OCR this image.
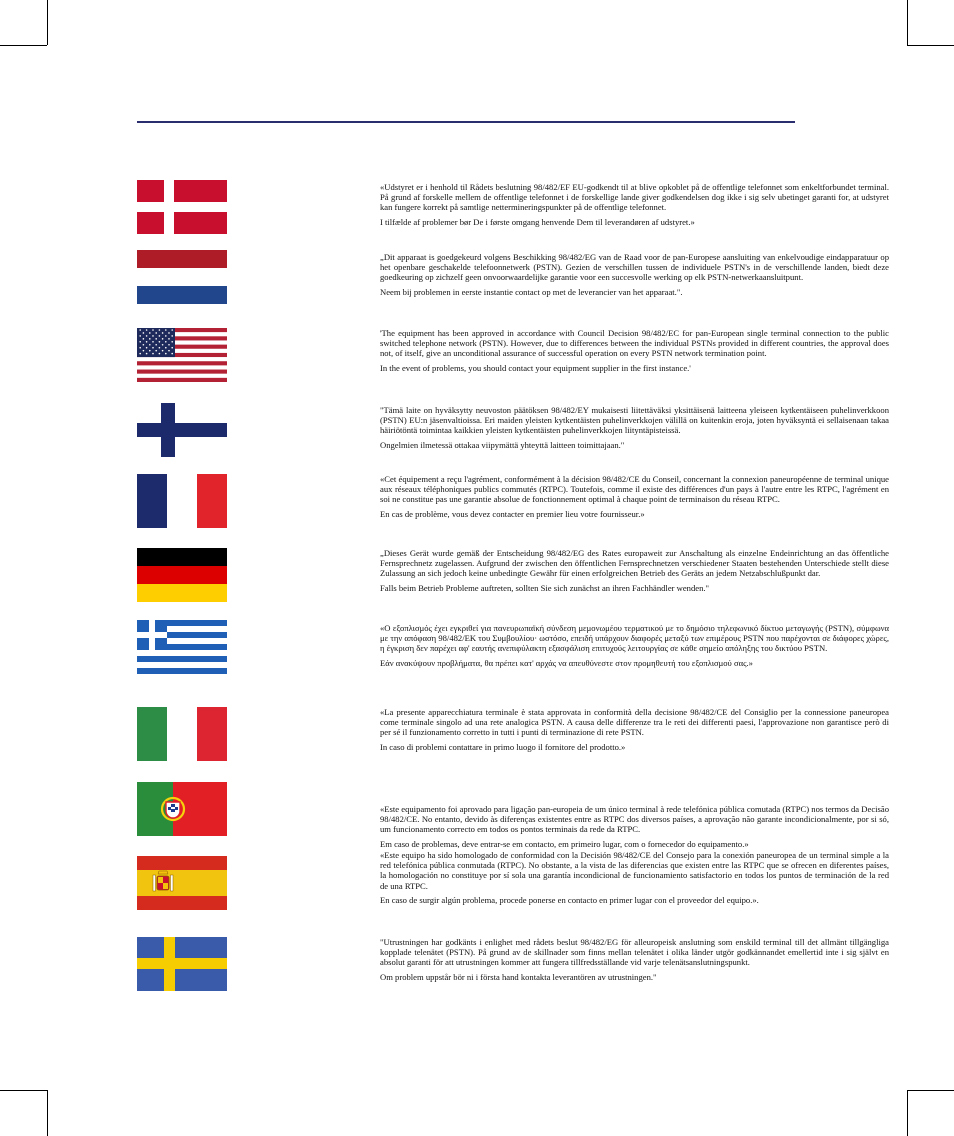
«Udstyret er i henhold til Rådets beslutning 98/482/EF EU-godkendt til at blive opkoblet på de offentlige telefonnet som enkeltforbundet terminal. På grund af forskelle mellem de offentlige telefonnet i de forskellige lande giver godkendelsen dog ikke i sig selv ubetinget garanti for, at udstyret kan fungere korrekt på samtlige nettermineringspunkter på de offentlige telefonnet.

I tilfælde af problemer bør De i første omgang henvende Dem til leverandøren af udstyret.»

„Dit apparaat is goedgekeurd volgens Beschikking 98/482/EG van de Raad voor de pan-Europese aansluiting van enkelvoudige eindapparatuur op het openbare geschakelde telefoonnetwerk (PSTN). Gezien de verschillen tussen de individuele PSTN's in de verschillende landen, biedt deze goedkeuring op zichzelf geen onvoorwaardelijke garantie voor een succesvolle werking op elk PSTN-netwerkaansluitpunt.

Neem bij problemen in eerste instantie contact op met de leverancier van het apparaat.".

'The equipment has been approved in accordance with Council Decision 98/482/EC for pan-European single terminal connection to the public switched telephone network (PSTN). However, due to differences between the individual PSTNs provided in different countries, the approval does not, of itself, give an unconditional assurance of successful operation on every PSTN network termination point.

In the event of problems, you should contact your equipment supplier in the first instance.'

"Tämä laite on hyväksytty neuvoston päätöksen 98/482/EY mukaisesti liitettäväksi yksittäisenä laitteena yleiseen kytkentäiseen puhelinverkkoon (PSTN) EU:n jäsenvaltioissa. Eri maiden yleisten kytkentäisten puhelinverkkojen välillä on kuitenkin eroja, joten hyväksyntä ei sellaisenaan takaa häiriötöntä toimintaa kaikkien yleisten kytkentäisten puhelinverkkojen liityntäpisteissä.

Ongelmien ilmetessä ottakaa viipymättä yhteyttä laitteen toimittajaan."

«Cet équipement a reçu l'agrément, conformément à la décision 98/482/CE du Conseil, concernant la connexion paneuropéenne de terminal unique aux réseaux téléphoniques publics commutés (RTPC). Toutefois, comme il existe des différences d'un pays à l'autre entre les RTPC, l'agrément en soi ne constitue pas une garantie absolue de fonctionnement optimal à chaque point de terminaison du réseau RTPC.

En cas de problème, vous devez contacter en premier lieu votre fournisseur.»

„Dieses Gerät wurde gemäß der Entscheidung 98/482/EG des Rates europaweit zur Anschaltung als einzelne Endeinrichtung an das öffentliche Fernsprechnetz zugelassen. Aufgrund der zwischen den öffentlichen Fernsprechnetzen verschiedener Staaten bestehenden Unterschiede stellt diese Zulassung an sich jedoch keine unbedingte Gewähr für einen erfolgreichen Betrieb des Geräts an jedem Netzabschlußpunkt dar.

Falls beim Betrieb Probleme auftreten, sollten Sie sich zunächst an ihren Fachhändler wenden."

«Ο εξοπλισμός έχει εγκριθεί για πανευρωπαϊκή σύνδεση μεμονωμέου τερματικού με το δημόσιο τηλεφωνικό δίκτυο μεταγωγής (PSTN), σύμφωνα με την απόφαση 98/482/ΕΚ του Συμβουλίου· ωστόσο, επειδή υπάρχουν διαφορές μεταξύ των επιμέρους PSTN που παρέχονται σε διάφορες χώρες, η έγκριση δεν παρέχει αφ' εαυτής ανεπιφύλακτη εξασφάλιση επιτυχούς λειτουργίας σε κάθε σημείο απόληξης του δικτύου PSTN.

Εάν ανακύψουν προβλήματα, θα πρέπει κατ' αρχάς να απευθύνεστε στον προμηθευτή του εξοπλισμού σας.»

«La presente apparecchiatura terminale è stata approvata in conformità della decisione 98/482/CE del Consiglio per la connessione paneuropea come terminale singolo ad una rete analogica PSTN. A causa delle differenze tra le reti dei differenti paesi, l'approvazione non garantisce però di per sé il funzionamento corretto in tutti i punti di terminazione di rete PSTN.

In caso di problemi contattare in primo luogo il fornitore del prodotto.»

«Este equipamento foi aprovado para ligação pan-europeia de um único terminal à rede telefónica pública comutada (RTPC) nos termos da Decisão 98/482/CE. No entanto, devido às diferenças existentes entre as RTPC dos diversos países, a aprovação não garante incondicionalmente, por si só, um funcionamento correcto em todos os pontos terminais da rede da RTPC.

Em caso de problemas, deve entrar-se em contacto, em primeiro lugar, com o fornecedor do equipamento.»

«Este equipo ha sido homologado de conformidad con la Decisión 98/482/CE del Consejo para la conexión paneuropea de un terminal simple a la red telefónica pública conmutada (RTPC). No obstante, a la vista de las diferencias que existen entre las RTPC que se ofrecen en diferentes países, la homologación no constituye por sí sola una garantía incondicional de funcionamiento satisfactorio en todos los puntos de terminación de la red de una RTPC.

En caso de surgir algún problema, procede ponerse en contacto en primer lugar con el proveedor del equipo.».

"Utrustningen har godkänts i enlighet med rådets beslut 98/482/EG för alleuropeisk anslutning som enskild terminal till det allmänt tillgängliga kopplade telenätet (PSTN). På grund av de skillnader som finns mellan telenätet i olika länder utgör godkännandet emellertid inte i sig självt en absolut garanti för att utrustningen kommer att fungera tillfredsställande vid varje telenätsanslutningspunkt.

Om problem uppstår bör ni i första hand kontakta leverantören av utrustningen."
